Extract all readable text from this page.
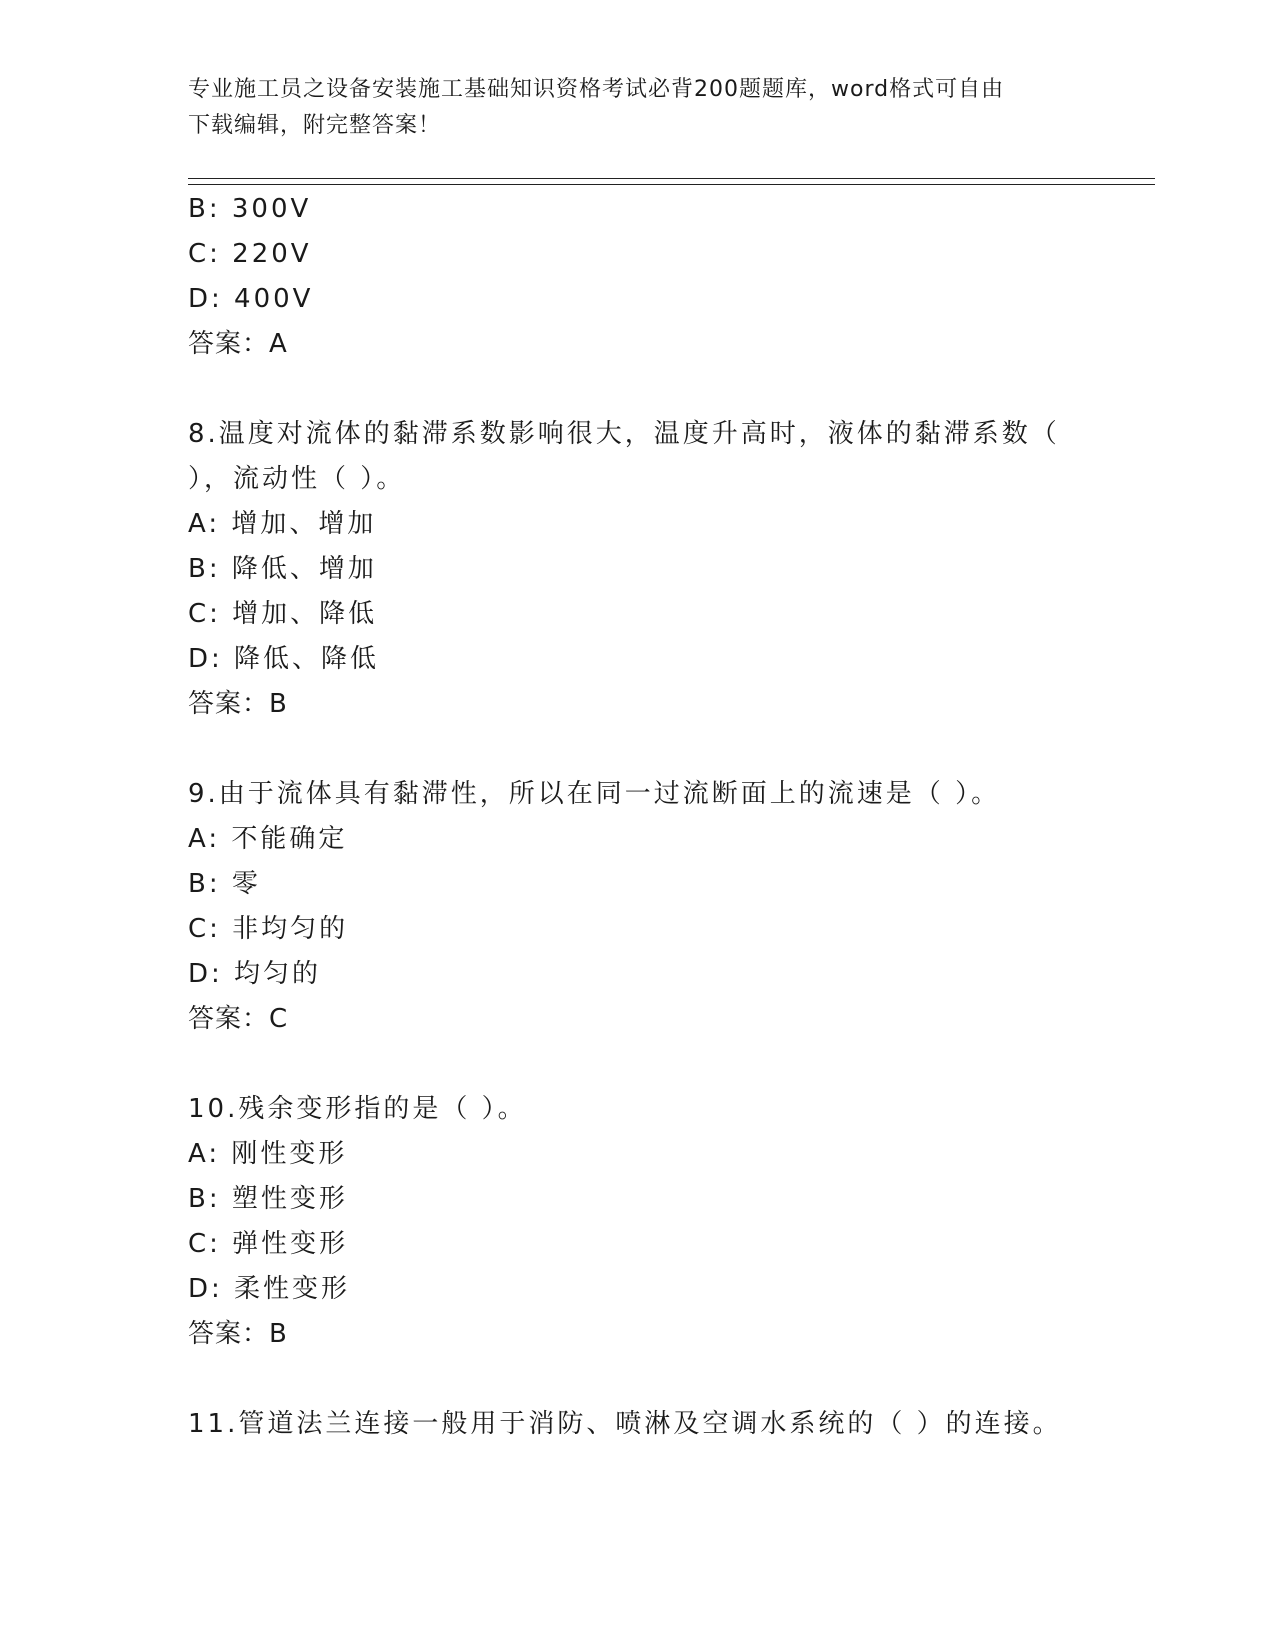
专业施工员之设备安装施工基础知识资格考试必背200题题库，word格式可自由
下载编辑，附完整答案！
B: 300V
C: 220V
D: 400V
答案：A
8.温度对流体的黏滞系数影响很大，温度升高时，液体的黏滞系数（
），流动性（ ）。
A: 增加、增加
B: 降低、增加
C: 增加、降低
D: 降低、降低
答案：B
9.由于流体具有黏滞性，所以在同一过流断面上的流速是（ ）。
A: 不能确定
B: 零
C: 非均匀的
D: 均匀的
答案：C
10.残余变形指的是（ ）。
A: 刚性变形
B: 塑性变形
C: 弹性变形
D: 柔性变形
答案：B
11.管道法兰连接一般用于消防、喷淋及空调水系统的（ ）的连接。
